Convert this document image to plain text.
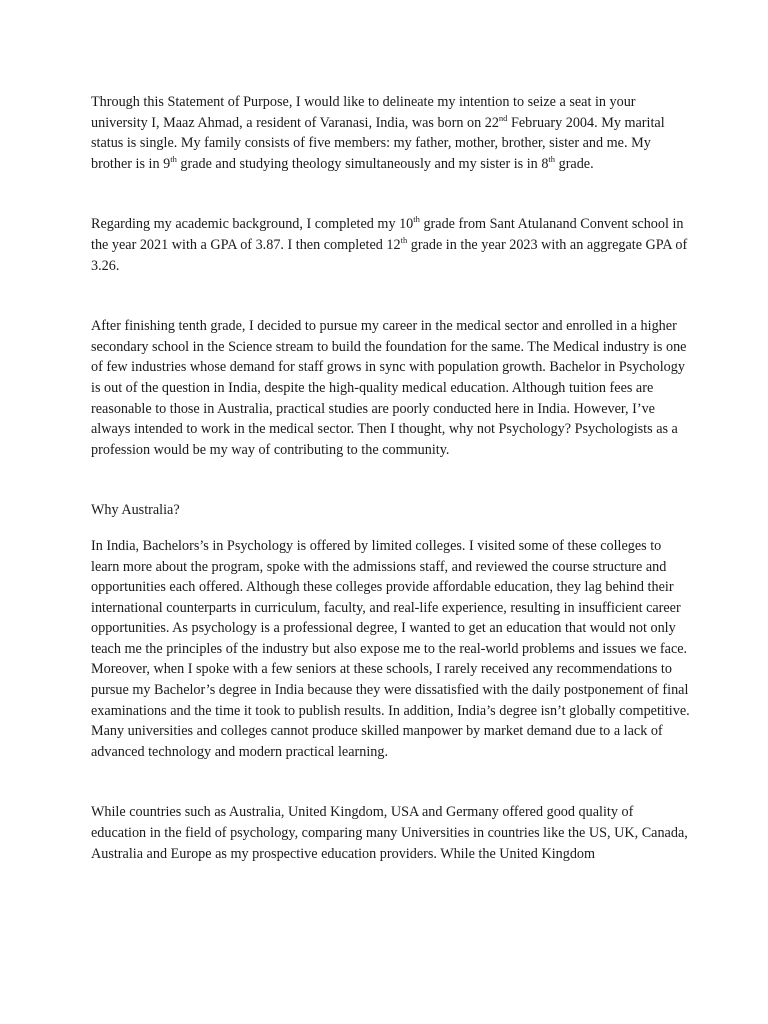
Through this Statement of Purpose, I would like to delineate my intention to seize a seat in your university I, Maaz Ahmad, a resident of Varanasi, India, was born on 22nd February 2004. My marital status is single. My family consists of five members: my father, mother, brother, sister and me. My brother is in 9th grade and studying theology simultaneously and my sister is in 8th grade.

Regarding my academic background, I completed my 10th grade from Sant Atulanand Convent school in the year 2021 with a GPA of 3.87. I then completed 12th grade in the year 2023 with an aggregate GPA of 3.26.

After finishing tenth grade, I decided to pursue my career in the medical sector and enrolled in a higher secondary school in the Science stream to build the foundation for the same. The Medical industry is one of few industries whose demand for staff grows in sync with population growth. Bachelor in Psychology is out of the question in India, despite the high-quality medical education. Although tuition fees are reasonable to those in Australia, practical studies are poorly conducted here in India. However, I’ve always intended to work in the medical sector. Then I thought, why not Psychology? Psychologists as a profession would be my way of contributing to the community.

Why Australia?

In India, Bachelors’s in Psychology is offered by limited colleges. I visited some of these colleges to learn more about the program, spoke with the admissions staff, and reviewed the course structure and opportunities each offered. Although these colleges provide affordable education, they lag behind their international counterparts in curriculum, faculty, and real-life experience, resulting in insufficient career opportunities. As psychology is a professional degree, I wanted to get an education that would not only teach me the principles of the industry but also expose me to the real-world problems and issues we face. Moreover, when I spoke with a few seniors at these schools, I rarely received any recommendations to pursue my Bachelor’s degree in India because they were dissatisfied with the daily postponement of final examinations and the time it took to publish results. In addition, India’s degree isn’t globally competitive. Many universities and colleges cannot produce skilled manpower by market demand due to a lack of advanced technology and modern practical learning.

While countries such as Australia, United Kingdom, USA and Germany offered good quality of education in the field of psychology, comparing many Universities in countries like the US, UK, Canada, Australia and Europe as my prospective education providers. While the United Kingdom
